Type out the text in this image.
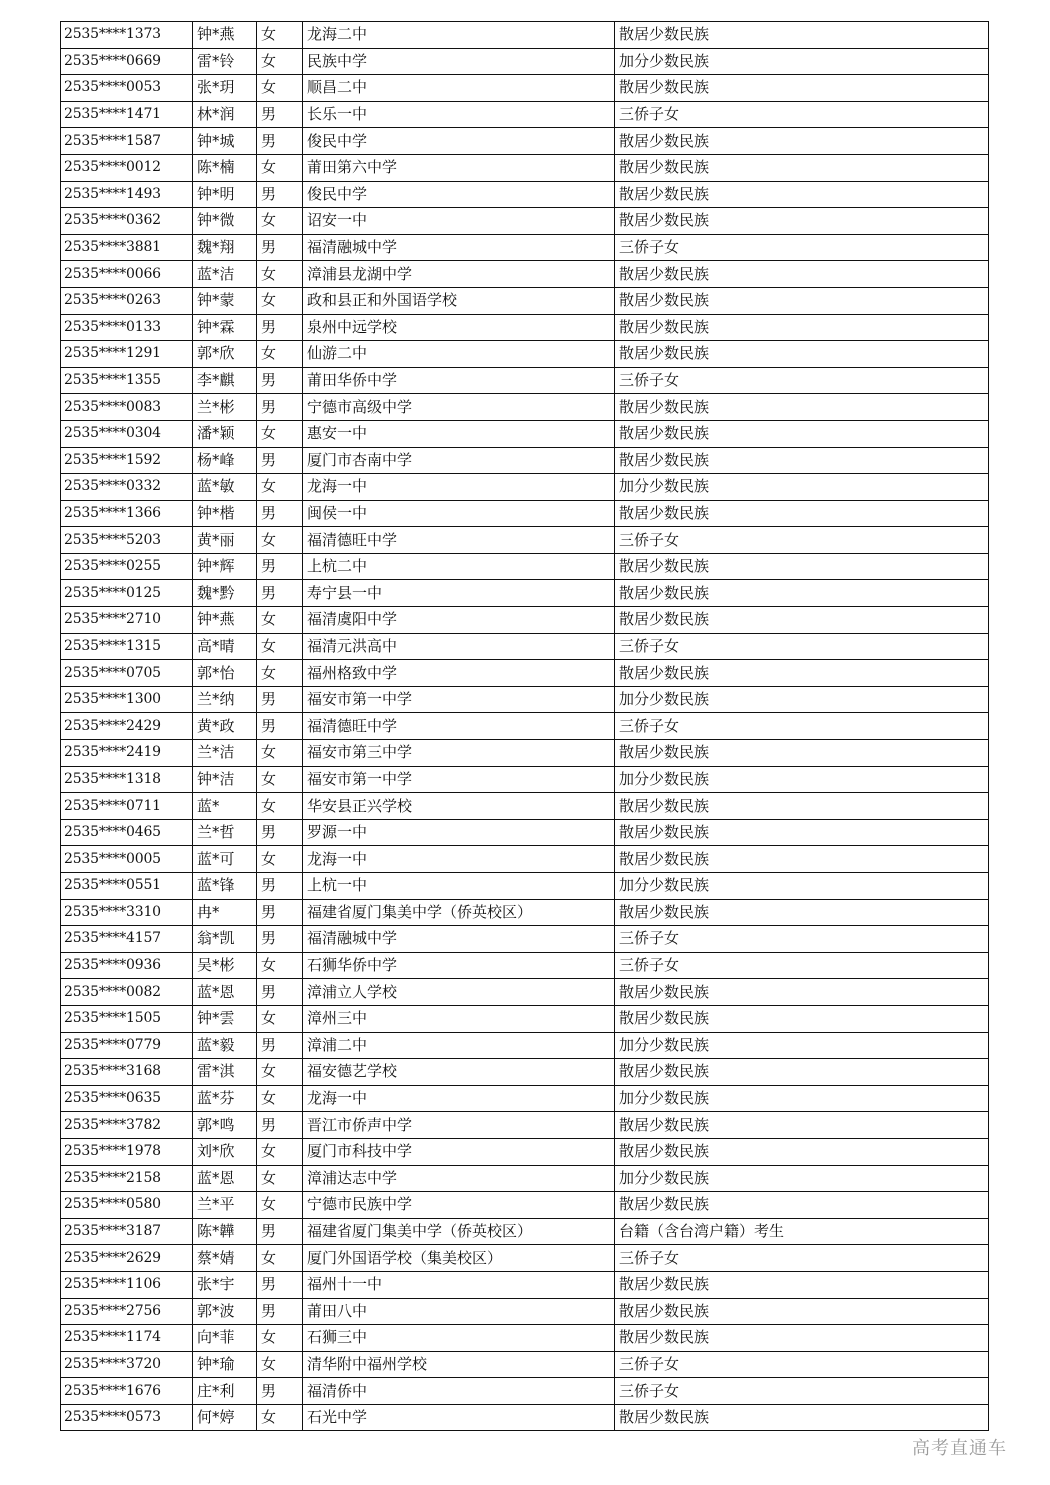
2535****1373	钟*燕	女	龙海二中	散居少数民族
2535****0669	雷*铃	女	民族中学	加分少数民族
2535****0053	张*玥	女	顺昌二中	散居少数民族
2535****1471	林*润	男	长乐一中	三侨子女
2535****1587	钟*城	男	俊民中学	散居少数民族
2535****0012	陈*楠	女	莆田第六中学	散居少数民族
2535****1493	钟*明	男	俊民中学	散居少数民族
2535****0362	钟*微	女	诏安一中	散居少数民族
2535****3881	魏*翔	男	福清融城中学	三侨子女
2535****0066	蓝*洁	女	漳浦县龙湖中学	散居少数民族
2535****0263	钟*蒙	女	政和县正和外国语学校	散居少数民族
2535****0133	钟*霖	男	泉州中远学校	散居少数民族
2535****1291	郭*欣	女	仙游二中	散居少数民族
2535****1355	李*麒	男	莆田华侨中学	三侨子女
2535****0083	兰*彬	男	宁德市高级中学	散居少数民族
2535****0304	潘*颖	女	惠安一中	散居少数民族
2535****1592	杨*峰	男	厦门市杏南中学	散居少数民族
2535****0332	蓝*敏	女	龙海一中	加分少数民族
2535****1366	钟*楷	男	闽侯一中	散居少数民族
2535****5203	黄*丽	女	福清德旺中学	三侨子女
2535****0255	钟*辉	男	上杭二中	散居少数民族
2535****0125	魏*黔	男	寿宁县一中	散居少数民族
2535****2710	钟*燕	女	福清虞阳中学	散居少数民族
2535****1315	高*晴	女	福清元洪高中	三侨子女
2535****0705	郭*怡	女	福州格致中学	散居少数民族
2535****1300	兰*纳	男	福安市第一中学	加分少数民族
2535****2429	黄*政	男	福清德旺中学	三侨子女
2535****2419	兰*洁	女	福安市第三中学	散居少数民族
2535****1318	钟*洁	女	福安市第一中学	加分少数民族
2535****0711	蓝*	女	华安县正兴学校	散居少数民族
2535****0465	兰*哲	男	罗源一中	散居少数民族
2535****0005	蓝*可	女	龙海一中	散居少数民族
2535****0551	蓝*锋	男	上杭一中	加分少数民族
2535****3310	冉*	男	福建省厦门集美中学（侨英校区）	散居少数民族
2535****4157	翁*凯	男	福清融城中学	三侨子女
2535****0936	吴*彬	女	石狮华侨中学	三侨子女
2535****0082	蓝*恩	男	漳浦立人学校	散居少数民族
2535****1505	钟*雲	女	漳州三中	散居少数民族
2535****0779	蓝*毅	男	漳浦二中	加分少数民族
2535****3168	雷*淇	女	福安德艺学校	散居少数民族
2535****0635	蓝*芬	女	龙海一中	加分少数民族
2535****3782	郭*鸣	男	晋江市侨声中学	散居少数民族
2535****1978	刘*欣	女	厦门市科技中学	散居少数民族
2535****2158	蓝*恩	女	漳浦达志中学	加分少数民族
2535****0580	兰*平	女	宁德市民族中学	散居少数民族
2535****3187	陈*韡	男	福建省厦门集美中学（侨英校区）	台籍（含台湾户籍）考生
2535****2629	蔡*婧	女	厦门外国语学校（集美校区）	三侨子女
2535****1106	张*宇	男	福州十一中	散居少数民族
2535****2756	郭*波	男	莆田八中	散居少数民族
2535****1174	向*菲	女	石狮三中	散居少数民族
2535****3720	钟*瑜	女	清华附中福州学校	三侨子女
2535****1676	庄*利	男	福清侨中	三侨子女
2535****0573	何*婷	女	石光中学	散居少数民族
高考直通车
